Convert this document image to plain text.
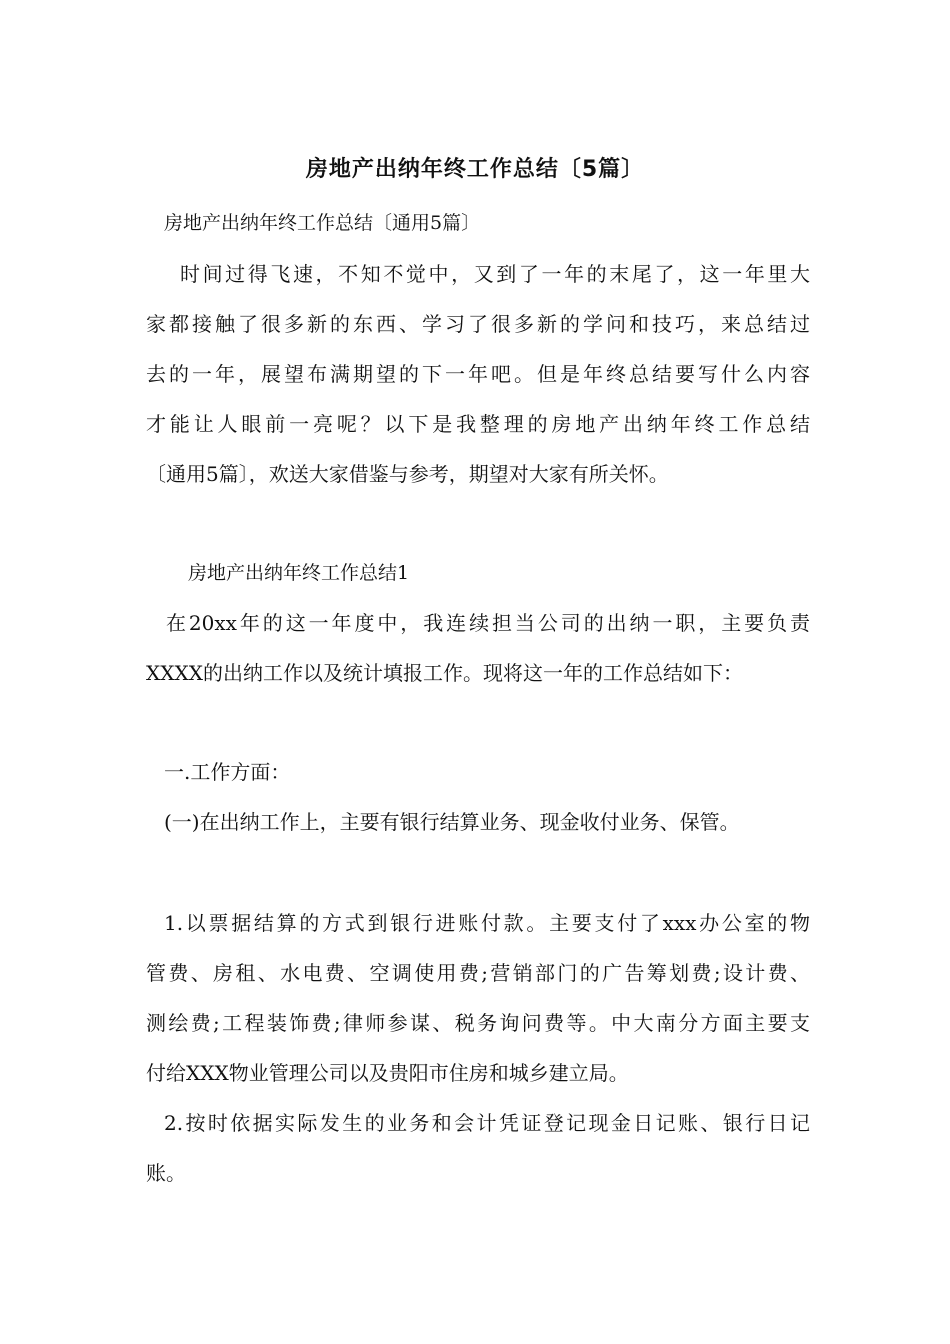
房地产出纳年终工作总结〔5篇〕
房地产出纳年终工作总结〔通用5篇〕
时间过得飞速，不知不觉中，又到了一年的末尾了，这一年里大
家都接触了很多新的东西、学习了很多新的学问和技巧，来总结过
去的一年，展望布满期望的下一年吧。但是年终总结要写什么内容
才能让人眼前一亮呢？以下是我整理的房地产出纳年终工作总结
〔通用5篇〕，欢送大家借鉴与参考，期望对大家有所关怀。
房地产出纳年终工作总结1
在20xx年的这一年度中，我连续担当公司的出纳一职，主要负责
XXXX的出纳工作以及统计填报工作。现将这一年的工作总结如下：
一.工作方面：
(一)在出纳工作上，主要有银行结算业务、现金收付业务、保管。
1.以票据结算的方式到银行进账付款。主要支付了xxx办公室的物
管费、房租、水电费、空调使用费;营销部门的广告筹划费;设计费、
测绘费;工程装饰费;律师参谋、税务询问费等。中大南分方面主要支
付给XXX物业管理公司以及贵阳市住房和城乡建立局。
2.按时依据实际发生的业务和会计凭证登记现金日记账、银行日记
账。
